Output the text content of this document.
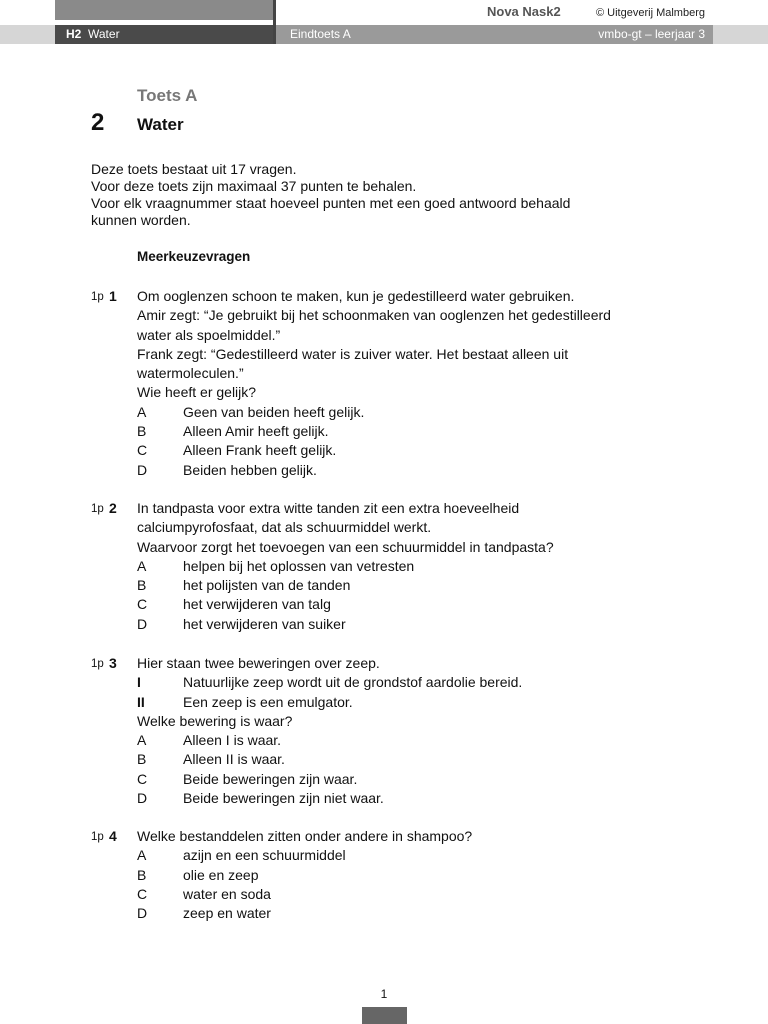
H2 Water	Eindtoets A	vmbo-gt – leerjaar 3
Nova Nask2	© Uitgeverij Malmberg
Toets A
2 Water
Deze toets bestaat uit 17 vragen.
Voor deze toets zijn maximaal 37 punten te behalen.
Voor elk vraagnummer staat hoeveel punten met een goed antwoord behaald
kunnen worden.
Meerkeuzevragen
1p 1 Om ooglenzen schoon te maken, kun je gedestilleerd water gebruiken.
Amir zegt: “Je gebruikt bij het schoonmaken van ooglenzen het gedestilleerd
water als spoelmiddel.”
Frank zegt: “Gedestilleerd water is zuiver water. Het bestaat alleen uit
watermoleculen.”
Wie heeft er gelijk?
A	Geen van beiden heeft gelijk.
B	Alleen Amir heeft gelijk.
C	Alleen Frank heeft gelijk.
D	Beiden hebben gelijk.
1p 2 In tandpasta voor extra witte tanden zit een extra hoeveelheid
calciumpyrofosfaat, dat als schuurmiddel werkt.
Waarvoor zorgt het toevoegen van een schuurmiddel in tandpasta?
A	helpen bij het oplossen van vetresten
B	het polijsten van de tanden
C	het verwijderen van talg
D	het verwijderen van suiker
1p 3 Hier staan twee beweringen over zeep.
I	Natuurlijke zeep wordt uit de grondstof aardolie bereid.
II	Een zeep is een emulgator.
Welke bewering is waar?
A	Alleen I is waar.
B	Alleen II is waar.
C	Beide beweringen zijn waar.
D	Beide beweringen zijn niet waar.
1p 4 Welke bestanddelen zitten onder andere in shampoo?
A	azijn en een schuurmiddel
B	olie en zeep
C	water en soda
D	zeep en water
1
